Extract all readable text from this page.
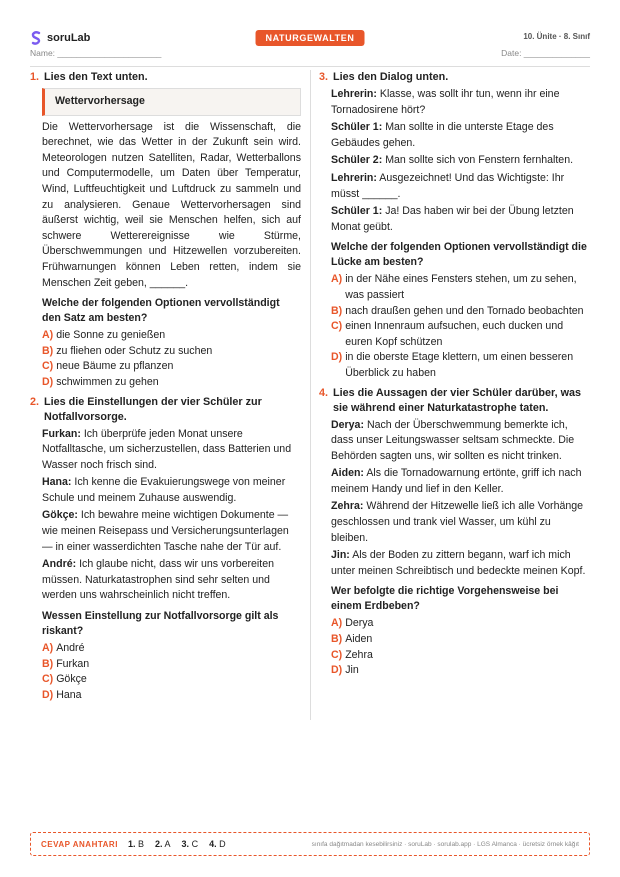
soruLab	NATURGEWALTEN	10. Ünite · 8. Sınıf
Name: ______________________	Date: ______________
1. Lies den Text unten.
Wettervorhersage
Die Wettervorhersage ist die Wissenschaft, die berechnet, wie das Wetter in der Zukunft sein wird. Meteorologen nutzen Satelliten, Radar, Wetterballons und Computermodelle, um Daten über Temperatur, Wind, Luftfeuchtigkeit und Luftdruck zu sammeln und zu analysieren. Genaue Wettervorhersagen sind äußerst wichtig, weil sie Menschen helfen, sich auf schwere Wetterereignisse wie Stürme, Überschwemmungen und Hitzewellen vorzubereiten. Frühwarnungen können Leben retten, indem sie Menschen Zeit geben, ______.
Welche der folgenden Optionen vervollständigt den Satz am besten?
A) die Sonne zu genießen
B) zu fliehen oder Schutz zu suchen
C) neue Bäume zu pflanzen
D) schwimmen zu gehen
2. Lies die Einstellungen der vier Schüler zur Notfallvorsorge.
Furkan: Ich überprüfe jeden Monat unsere Notfalltasche, um sicherzustellen, dass Batterien und Wasser noch frisch sind.
Hana: Ich kenne die Evakuierungswege von meiner Schule und meinem Zuhause auswendig.
Gökçe: Ich bewahre meine wichtigen Dokumente — wie meinen Reisepass und Versicherungsunterlagen — in einer wasserdichten Tasche nahe der Tür auf.
André: Ich glaube nicht, dass wir uns vorbereiten müssen. Naturkatastrophen sind sehr selten und werden uns wahrscheinlich nicht treffen.
Wessen Einstellung zur Notfallvorsorge gilt als riskant?
A) André
B) Furkan
C) Gökçe
D) Hana
3. Lies den Dialog unten.
Lehrerin: Klasse, was sollt ihr tun, wenn ihr eine Tornadosirene hört?
Schüler 1: Man sollte in die unterste Etage des Gebäudes gehen.
Schüler 2: Man sollte sich von Fenstern fernhalten.
Lehrerin: Ausgezeichnet! Und das Wichtigste: Ihr müsst ______.
Schüler 1: Ja! Das haben wir bei der Übung letzten Monat geübt.
Welche der folgenden Optionen vervollständigt die Lücke am besten?
A) in der Nähe eines Fensters stehen, um zu sehen, was passiert
B) nach draußen gehen und den Tornado beobachten
C) einen Innenraum aufsuchen, euch ducken und euren Kopf schützen
D) in die oberste Etage klettern, um einen besseren Überblick zu haben
4. Lies die Aussagen der vier Schüler darüber, was sie während einer Naturkatastrophe taten.
Derya: Nach der Überschwemmung bemerkte ich, dass unser Leitungswasser seltsam schmeckte. Die Behörden sagten uns, wir sollten es nicht trinken.
Aiden: Als die Tornadowarnung ertönte, griff ich nach meinem Handy und lief in den Keller.
Zehra: Während der Hitzewelle ließ ich alle Vorhänge geschlossen und trank viel Wasser, um kühl zu bleiben.
Jin: Als der Boden zu zittern begann, warf ich mich unter meinen Schreibtisch und bedeckte meinen Kopf.
Wer befolgte die richtige Vorgehensweise bei einem Erdbeben?
A) Derya
B) Aiden
C) Zehra
D) Jin
CEVAP ANAHTARI 1. B 2. A 3. C 4. D	sınıfa dağıtmadan kesebilirsiniz · soruLab · sorulab.app · LGS Almanca · ücretsiz örnek kâğıt
